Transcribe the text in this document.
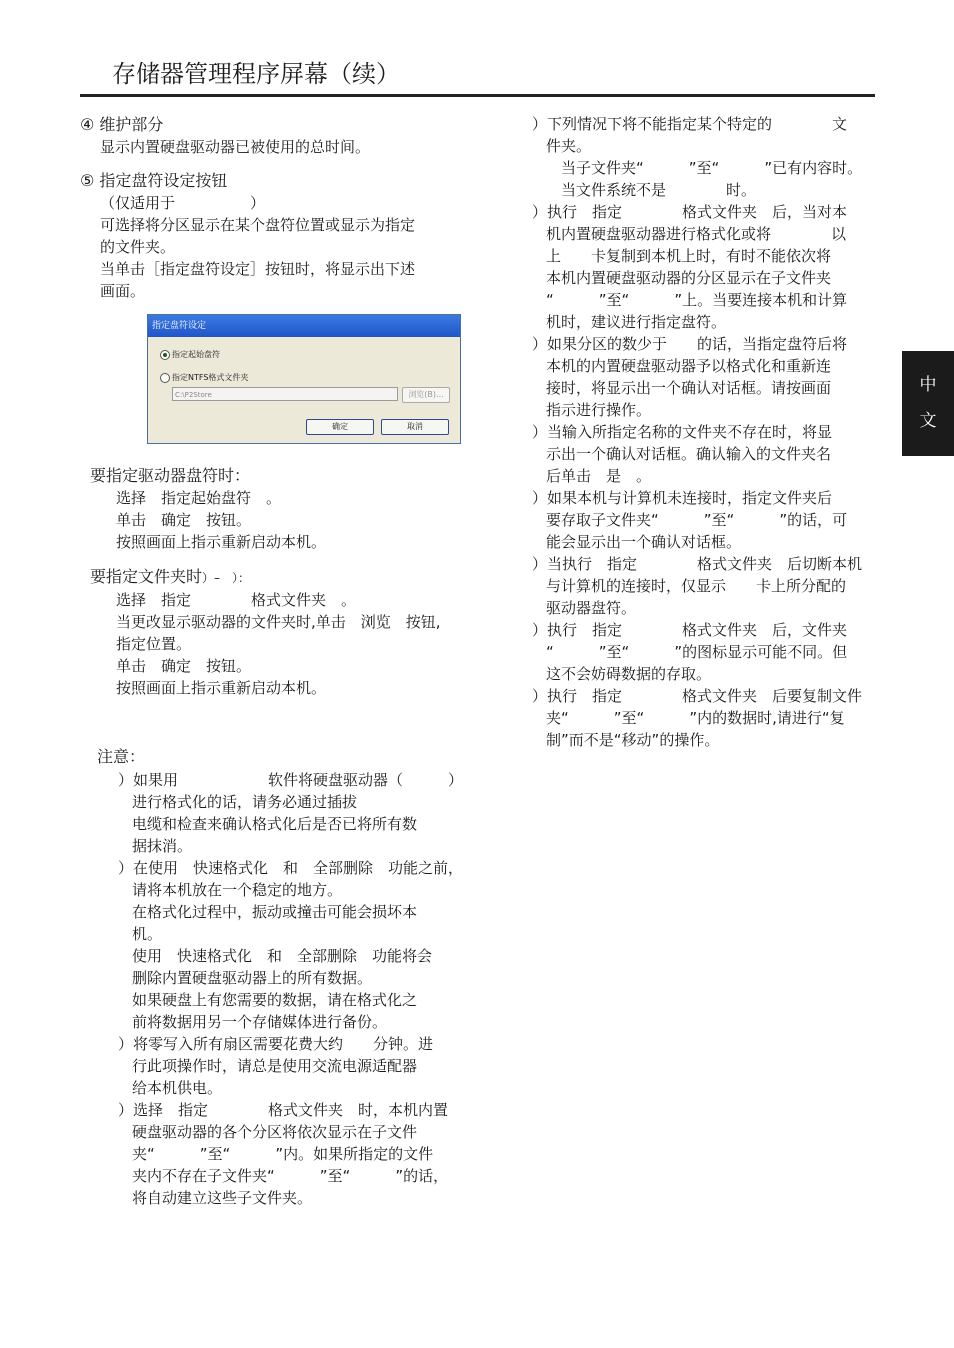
存储器管理程序屏幕（续）
中
文
④ 维护部分
显示内置硬盘驱动器已被使用的总时间。
⑤ 指定盘符设定按钮

（仅适用于　　　　　）

可选择将分区显示在某个盘符位置或显示为指定

的文件夹。

当单击［指定盘符设定］按钮时，将显示出下述

画面。

指定盘符设定
指定起始盘符
指定NTFS格式文件夹
C:\P2Store	浏览(B)...
确定	取消
要指定驱动器盘符时：

选择　指定起始盘符　。

单击　确定　按钮。

按照画面上指示重新启动本机。

要指定文件夹时）–　）：

选择　指定　　　　格式文件夹　。

当更改显示驱动器的文件夹时,单击　浏览　按钮,

指定位置。

单击　确定　按钮。

按照画面上指示重新启动本机。

注意：

）如果用　　　　　　软件将硬盘驱动器（　　　）

进行格式化的话，请务必通过插拔

电缆和检查来确认格式化后是否已将所有数

据抹消。

）在使用　快速格式化　和　全部删除　功能之前，

请将本机放在一个稳定的地方。

在格式化过程中，振动或撞击可能会损坏本

机。

使用　快速格式化　和　全部删除　功能将会

删除内置硬盘驱动器上的所有数据。

如果硬盘上有您需要的数据，请在格式化之

前将数据用另一个存储媒体进行备份。

）将零写入所有扇区需要花费大约　　分钟。进

行此项操作时，请总是使用交流电源适配器

给本机供电。

）选择　指定　　　　格式文件夹　时，本机内置

硬盘驱动器的各个分区将依次显示在子文件

夹“　　　”至“　　　”内。如果所指定的文件

夹内不存在子文件夹“　　　”至“　　　”的话，

将自动建立这些子文件夹。

）下列情况下将不能指定某个特定的　　　　文

件夹。

　当子文件夹“　　　”至“　　　”已有内容时。

　当文件系统不是　　　　时。

）执行　指定　　　　格式文件夹　后，当对本

机内置硬盘驱动器进行格式化或将　　　　以

上　　卡复制到本机上时，有时不能依次将

本机内置硬盘驱动器的分区显示在子文件夹

“　　　”至“　　　”上。当要连接本机和计算

机时，建议进行指定盘符。

）如果分区的数少于　　的话，当指定盘符后将

本机的内置硬盘驱动器予以格式化和重新连

接时，将显示出一个确认对话框。请按画面

指示进行操作。

）当输入所指定名称的文件夹不存在时，将显

示出一个确认对话框。确认输入的文件夹名

后单击　是　。

）如果本机与计算机未连接时，指定文件夹后

要存取子文件夹“　　　”至“　　　”的话，可

能会显示出一个确认对话框。

）当执行　指定　　　　格式文件夹　后切断本机

与计算机的连接时，仅显示　　卡上所分配的

驱动器盘符。

）执行　指定　　　　格式文件夹　后，文件夹

“　　　”至“　　　”的图标显示可能不同。但

这不会妨碍数据的存取。

）执行　指定　　　　格式文件夹　后要复制文件

夹“　　　”至“　　　”内的数据时,请进行“复

制”而不是“移动”的操作。
